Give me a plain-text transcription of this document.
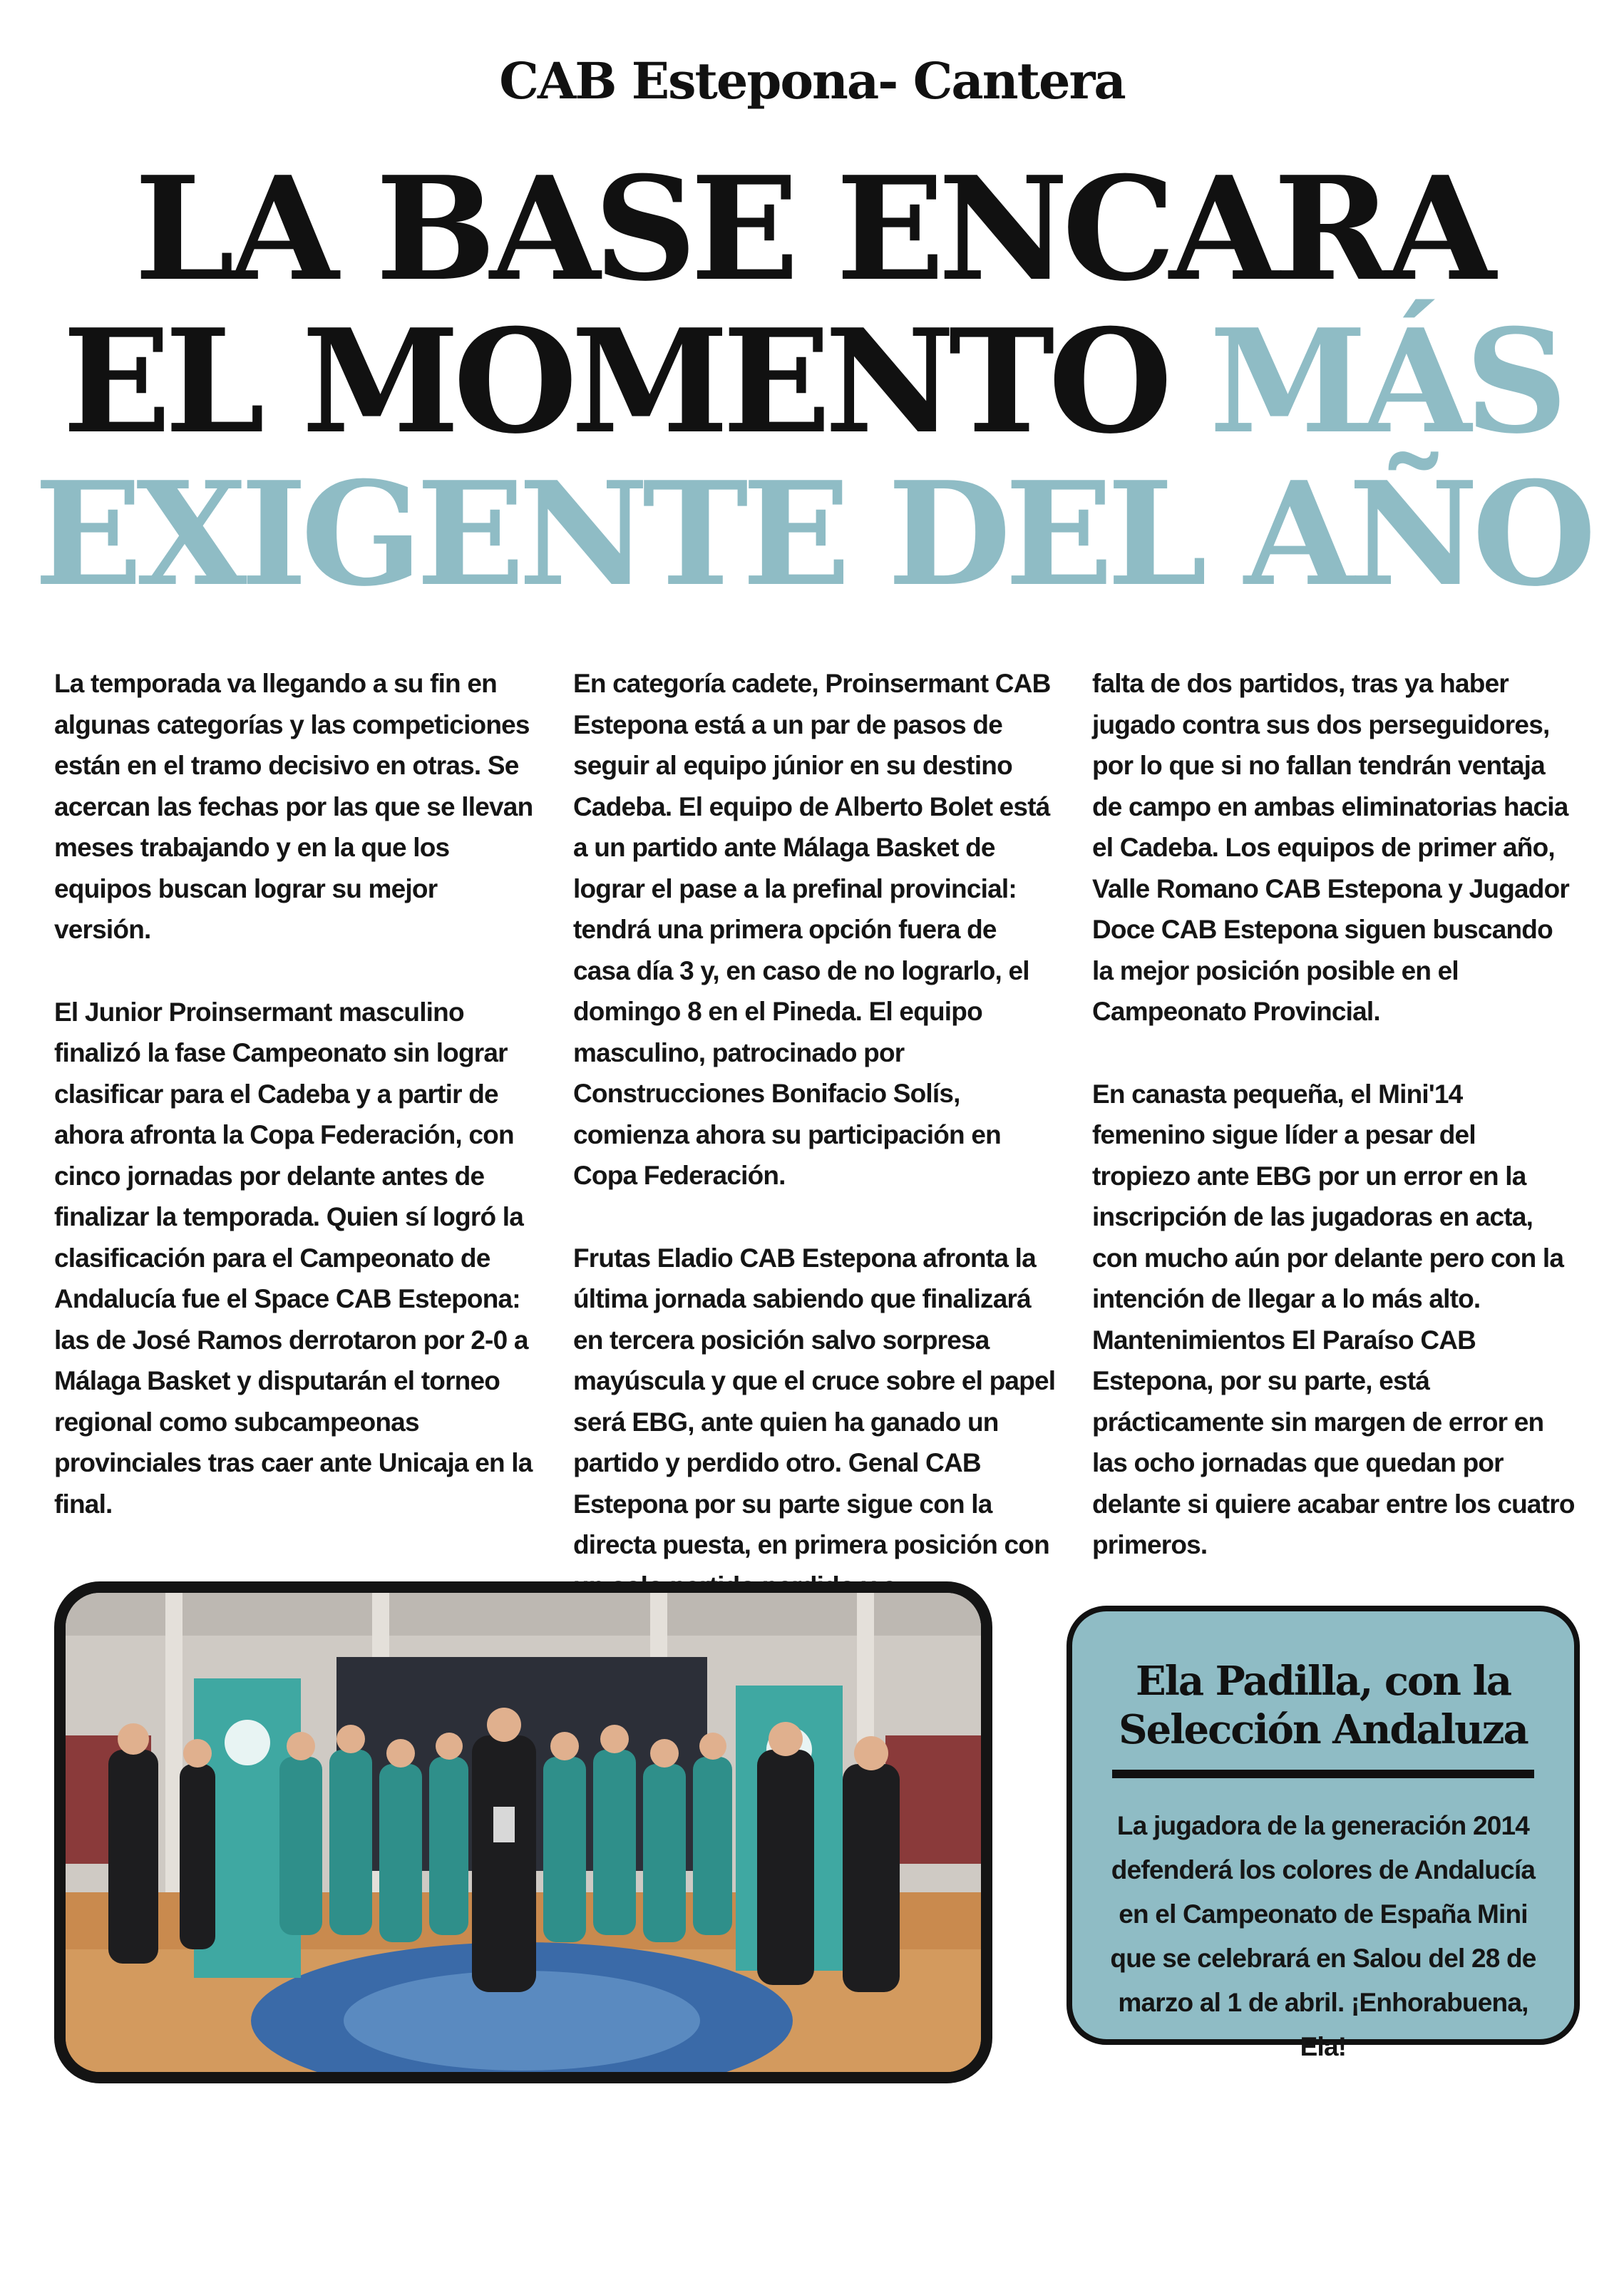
CAB Estepona- Cantera
LA BASE ENCARA
EL MOMENTO MÁS
EXIGENTE DEL AÑO

La temporada va llegando a su fin en algunas categorías y las competiciones están en el tramo decisivo en otras. Se acercan las fechas por las que se llevan meses trabajando y en la que los equipos buscan lograr su mejor versión.

El Junior Proinsermant masculino finalizó la fase Campeonato sin lograr clasificar para el Cadeba y a partir de ahora afronta la Copa Federación, con cinco jornadas por delante antes de finalizar la temporada. Quien sí logró la clasificación para el Campeonato de Andalucía fue el Space CAB Estepona: las de José Ramos derrotaron por 2-0 a Málaga Basket y disputarán el torneo regional como subcampeonas provinciales tras caer ante Unicaja en la final.

En categoría cadete, Proinsermant CAB Estepona está a un par de pasos de seguir al equipo júnior en su destino Cadeba. El equipo de Alberto Bolet está a un partido ante Málaga Basket de lograr el pase a la prefinal provincial: tendrá una primera opción fuera de casa día 3 y, en caso de no lograrlo, el domingo 8 en el Pineda. El equipo masculino, patrocinado por Construcciones Bonifacio Solís, comienza ahora su participación en Copa Federación.

Frutas Eladio CAB Estepona afronta la última jornada sabiendo que finalizará en tercera posición salvo sorpresa mayúscula y que el cruce sobre el papel será EBG, ante quien ha ganado un partido y perdido otro. Genal CAB Estepona por su parte sigue con la directa puesta, en primera posición con

falta de dos partidos, tras ya haber jugado contra sus dos perseguidores, por lo que si no fallan tendrán ventaja de campo en ambas eliminatorias hacia el Cadeba. Los equipos de primer año, Valle Romano CAB Estepona y Jugador Doce CAB Estepona siguen buscando la mejor posición posible en el Campeonato Provincial.

En canasta pequeña, el Mini'14 femenino sigue líder a pesar del tropiezo ante EBG por un error en la inscripción de las jugadoras en acta, con mucho aún por delante pero con la intención de llegar a lo más alto. Mantenimientos El Paraíso CAB Estepona, por su parte, está prácticamente sin margen de error en las ocho jornadas que quedan por delante si quiere acabar entre los cuatro primeros.

Ela Padilla, con la Selección Andaluza

La jugadora de la generación 2014 defenderá los colores de Andalucía en el Campeonato de España Mini que se celebrará en Salou del 28 de marzo al 1 de abril. ¡Enhorabuena, Ela!
